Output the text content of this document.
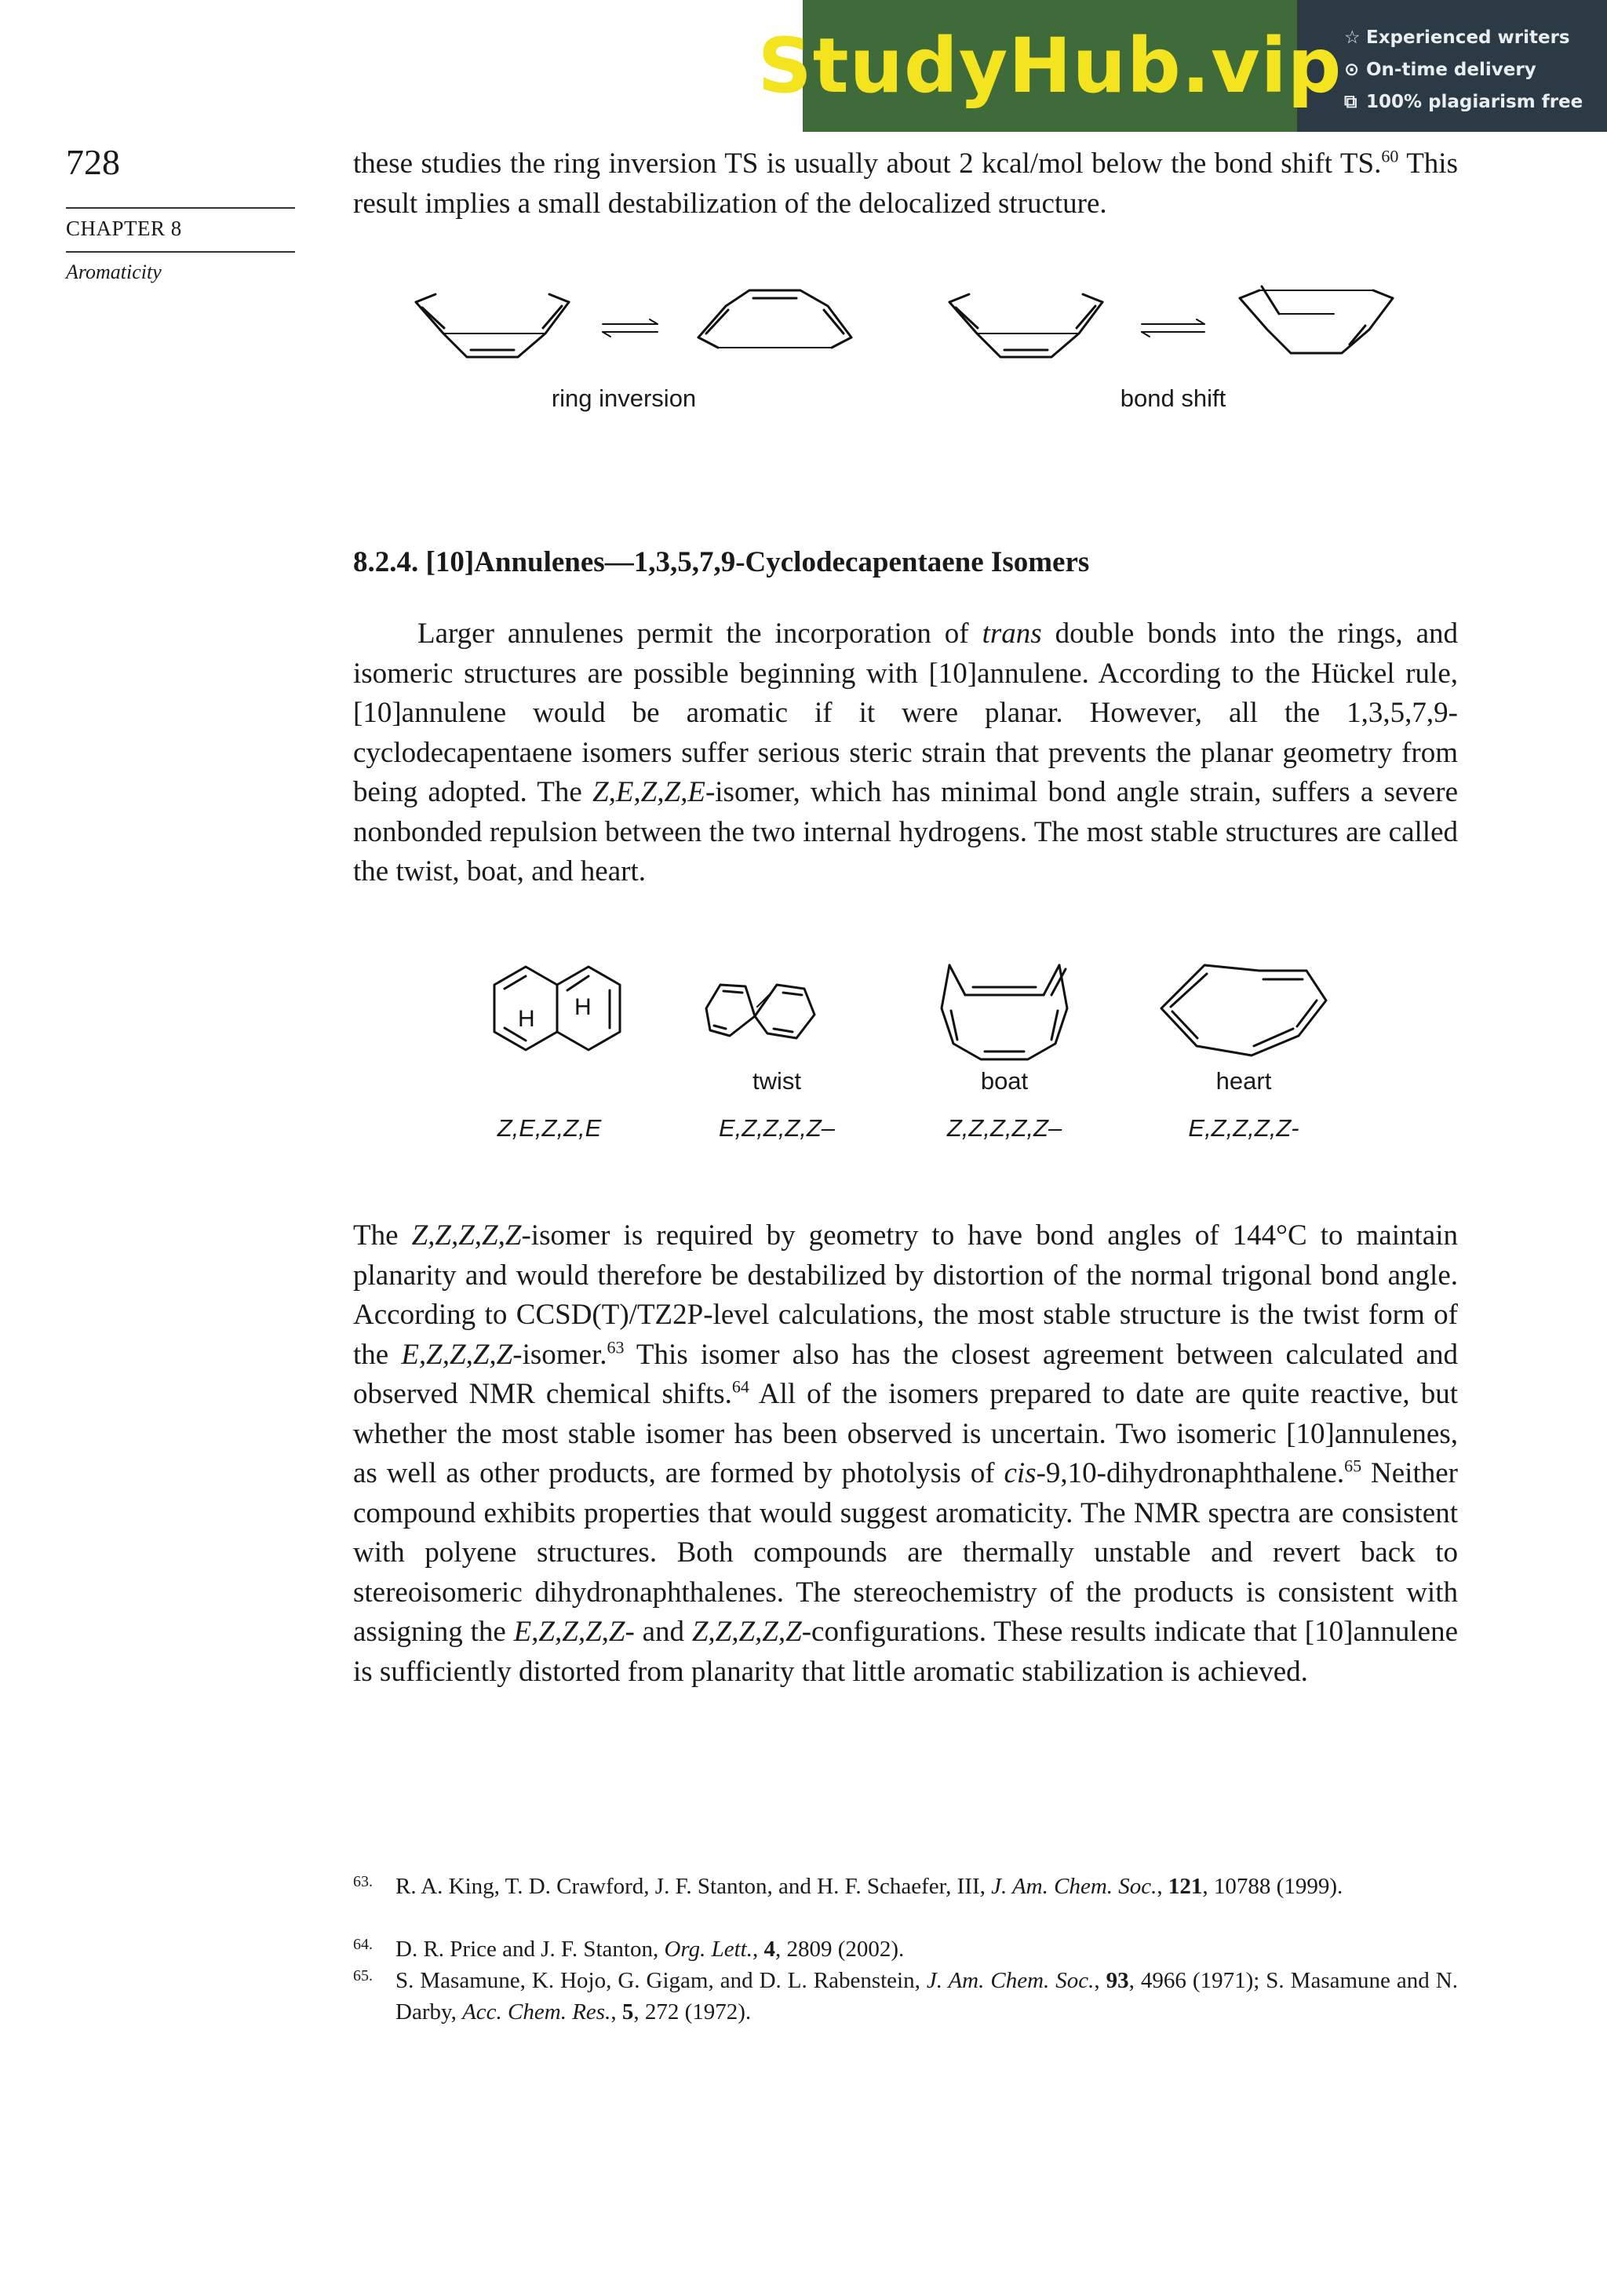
StudyHub.vip ☆ Experienced writers
⊙ On-time delivery
⧉ 100% plagiarism free
728
CHAPTER 8
Aromaticity
these studies the ring inversion TS is usually about 2 kcal/mol below the bond shift TS.$^{60}$ This result implies a small destabilization of the delocalized structure.
ring inversion	bond shift
8.2.4. [10]Annulenes—1,3,5,7,9-Cyclodecapentaene Isomers
Larger annulenes permit the incorporation of trans double bonds into the rings, and isomeric structures are possible beginning with [10]annulene. According to the Hückel rule, [10]annulene would be aromatic if it were planar. However, all the 1,3,5,7,9-cyclodecapentaene isomers suffer serious steric strain that prevents the planar geometry from being adopted. The Z,E,Z,Z,E-isomer, which has minimal bond angle strain, suffers a severe nonbonded repulsion between the two internal hydrogens. The most stable structures are called the twist, boat, and heart.
H H
twist	boat	heart
Z,E,Z,Z,E	E,Z,Z,Z,Z–	Z,Z,Z,Z,Z–	E,Z,Z,Z,Z-
The Z,Z,Z,Z,Z-isomer is required by geometry to have bond angles of 144°C to maintain planarity and would therefore be destabilized by distortion of the normal trigonal bond angle. According to CCSD(T)/TZ2P-level calculations, the most stable structure is the twist form of the E,Z,Z,Z,Z-isomer.$^{63}$ This isomer also has the closest agreement between calculated and observed NMR chemical shifts.$^{64}$ All of the isomers prepared to date are quite reactive, but whether the most stable isomer has been observed is uncertain. Two isomeric [10]annulenes, as well as other products, are formed by photolysis of cis-9,10-dihydronaphthalene.$^{65}$ Neither compound exhibits properties that would suggest aromaticity. The NMR spectra are consistent with polyene structures. Both compounds are thermally unstable and revert back to stereoisomeric dihydronaphthalenes. The stereochemistry of the products is consistent with assigning the E,Z,Z,Z,Z- and Z,Z,Z,Z,Z-configurations. These results indicate that [10]annulene is sufficiently distorted from planarity that little aromatic stabilization is achieved.
63. R. A. King, T. D. Crawford, J. F. Stanton, and H. F. Schaefer, III, J. Am. Chem. Soc., 121, 10788 (1999).
64. D. R. Price and J. F. Stanton, Org. Lett., 4, 2809 (2002).
65. S. Masamune, K. Hojo, G. Gigam, and D. L. Rabenstein, J. Am. Chem. Soc., 93, 4966 (1971); S. Masamune and N. Darby, Acc. Chem. Res., 5, 272 (1972).
